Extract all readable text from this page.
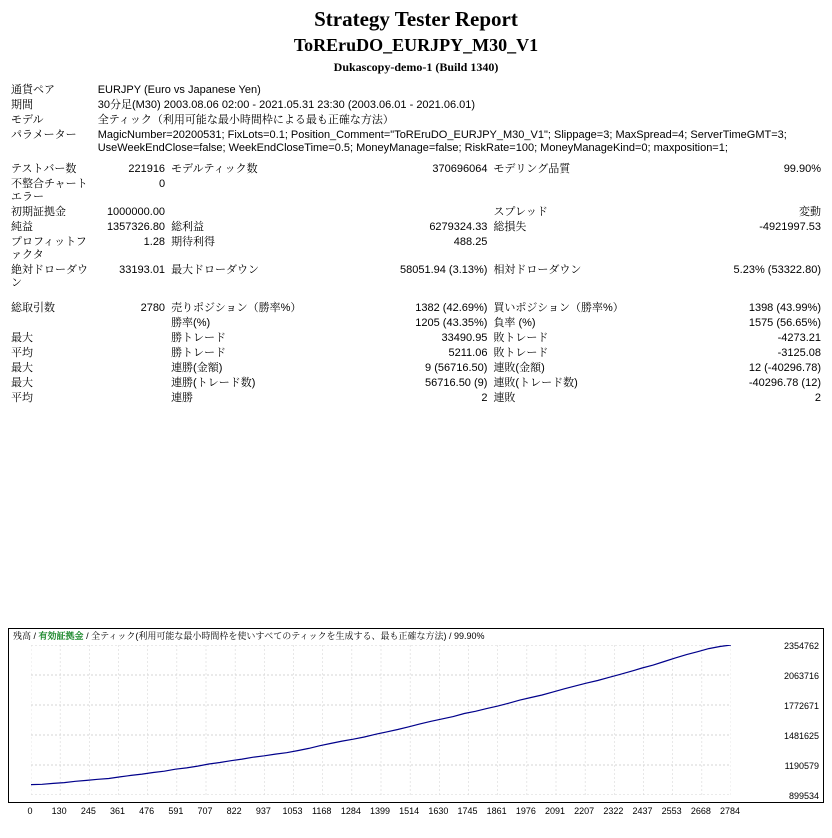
Strategy Tester Report
ToREruDO_EURJPY_M30_V1
Dukascopy-demo-1 (Build 1340)
通貨ペア	EURJPY (Euro vs Japanese Yen)
期間	30分足(M30) 2003.08.06 02:00 - 2021.05.31 23:30 (2003.06.01 - 2021.06.01)
モデル	全ティック（利用可能な最小時間枠による最も正確な方法）
パラメーター	MagicNumber=20200531; FixLots=0.1; Position_Comment="ToREruDO_EURJPY_M30_V1"; Slippage=3; MaxSpread=4; ServerTimeGMT=3; UseWeekEndClose=false; WeekEndCloseTime=0.5; MoneyManage=false; RiskRate=100; MoneyManageKind=0; maxposition=1;
テストバー数	221916	モデルティック数	370696064	モデリング品質	99.90%
不整合チャートエラー	0				
初期証拠金	1000000.00			スプレッド	変動
純益	1357326.80	総利益	6279324.33	総損失	-4921997.53
プロフィットファクタ	1.28	期待利得	488.25		
絶対ドローダウン	33193.01	最大ドローダウン	58051.94 (3.13%)	相対ドローダウン	5.23% (53322.80)
総取引数	2780	売りポジション（勝率%）	1382 (42.69%)	買いポジション（勝率%）	1398 (43.99%)
		勝率(%)	1205 (43.35%)	負率 (%)	1575 (56.65%)
最大		勝トレード	33490.95	敗トレード	-4273.21
平均		勝トレード	5211.06	敗トレード	-3125.08
最大		連勝(金額)	9 (56716.50)	連敗(金額)	12 (-40296.78)
最大		連勝(トレード数)	56716.50 (9)	連敗(トレード数)	-40296.78 (12)
平均		連勝	2	連敗	2
残高 / 有効証拠金 / 全ティック(利用可能な最小時間枠を使いすべてのティックを生成する、最も正確な方法) / 99.90%
2354762
2063716
1772671
1481625
1190579
899534
0 130 245 361 476 591 707 822 937 1053 1168 1284 1399 1514 1630 1745 1861 1976 2091 2207 2322 2437 2553 2668 2784
